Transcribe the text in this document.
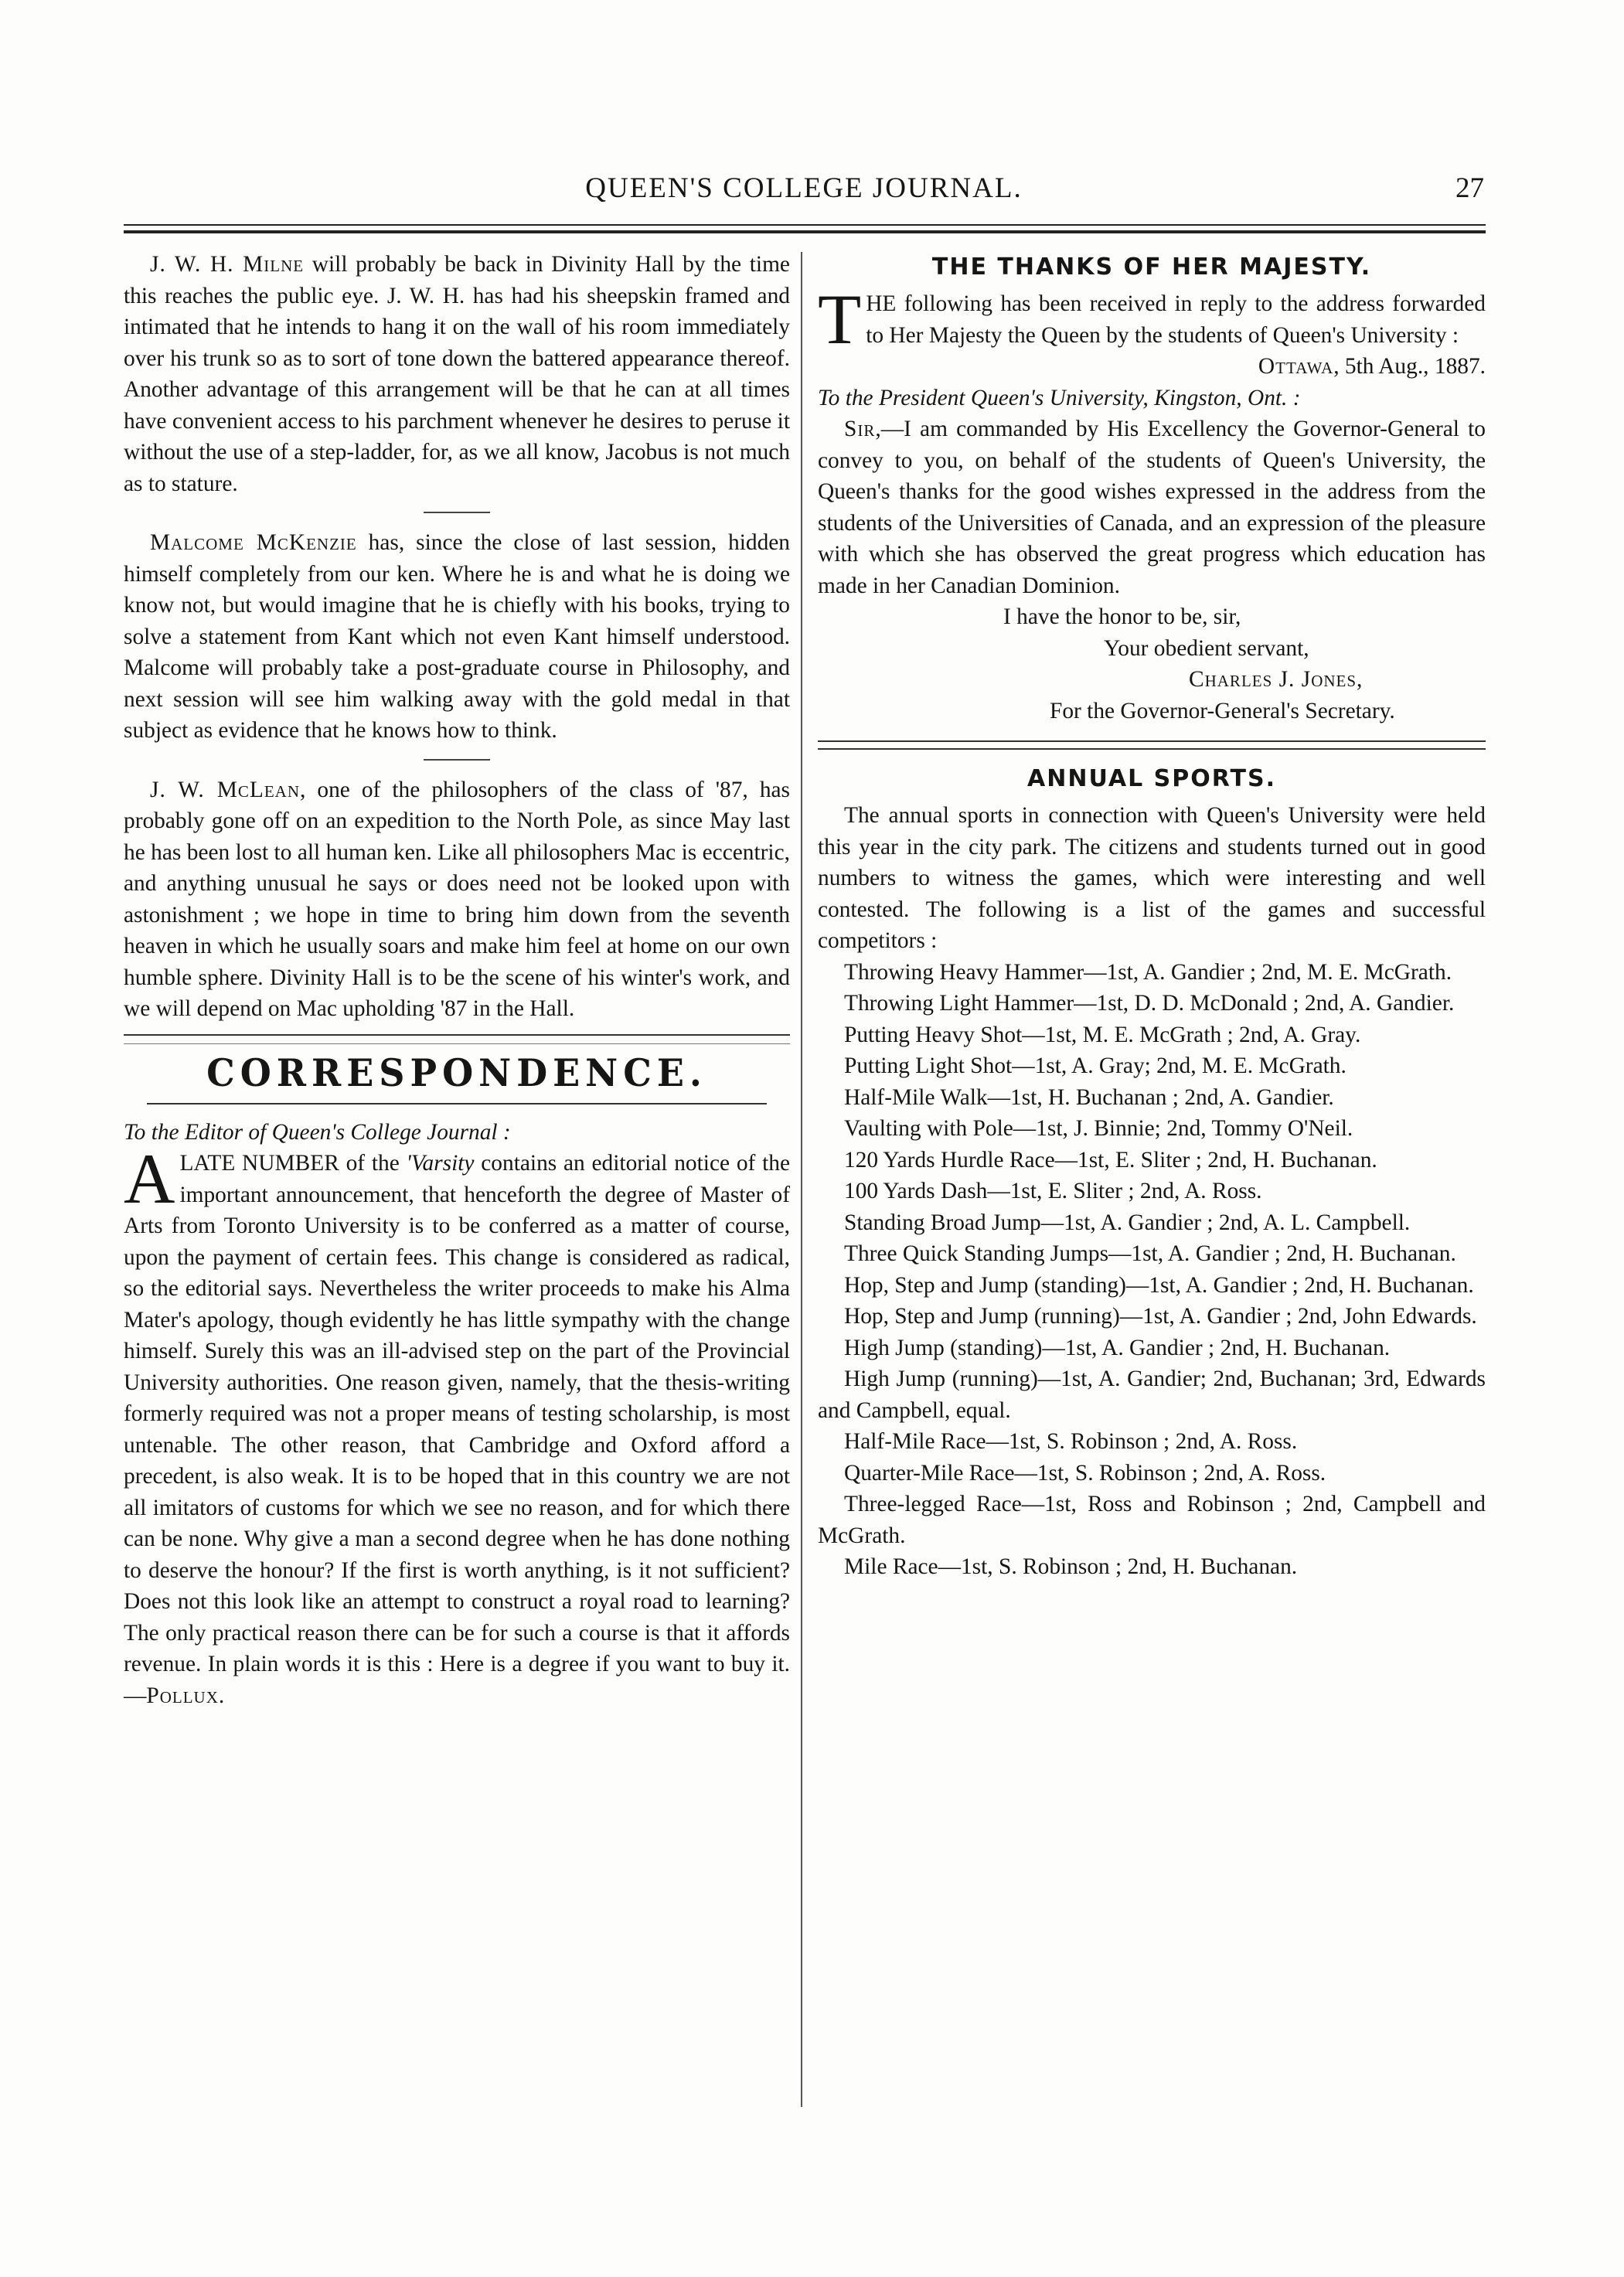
QUEEN'S COLLEGE JOURNAL.	27

J. W. H. Milne will probably be back in Divinity Hall by the time this reaches the public eye. J. W. H. has had his sheepskin framed and intimated that he intends to hang it on the wall of his room immediately over his trunk so as to sort of tone down the battered appearance thereof. Another advantage of this arrangement will be that he can at all times have convenient access to his parchment whenever he desires to peruse it without the use of a step-ladder, for, as we all know, Jacobus is not much as to stature.

Malcome McKenzie has, since the close of last session, hidden himself completely from our ken. Where he is and what he is doing we know not, but would imagine that he is chiefly with his books, trying to solve a statement from Kant which not even Kant himself understood. Malcome will probably take a post-graduate course in Philosophy, and next session will see him walking away with the gold medal in that subject as evidence that he knows how to think.

J. W. McLean, one of the philosophers of the class of '87, has probably gone off on an expedition to the North Pole, as since May last he has been lost to all human ken. Like all philosophers Mac is eccentric, and anything unusual he says or does need not be looked upon with astonishment ; we hope in time to bring him down from the seventh heaven in which he usually soars and make him feel at home on our own humble sphere. Divinity Hall is to be the scene of his winter's work, and we will depend on Mac upholding '87 in the Hall.

CORRESPONDENCE.
To the Editor of Queen's College Journal :

ALATE NUMBER of the 'Varsity contains an editorial notice of the important announcement, that henceforth the degree of Master of Arts from Toronto University is to be conferred as a matter of course, upon the payment of certain fees. This change is considered as radical, so the editorial says. Nevertheless the writer proceeds to make his Alma Mater's apology, though evidently he has little sympathy with the change himself. Surely this was an ill-advised step on the part of the Provincial University authorities. One reason given, namely, that the thesis-writing formerly required was not a proper means of testing scholarship, is most untenable. The other reason, that Cambridge and Oxford afford a precedent, is also weak. It is to be hoped that in this country we are not all imitators of customs for which we see no reason, and for which there can be none. Why give a man a second degree when he has done nothing to deserve the honour? If the first is worth anything, is it not sufficient? Does not this look like an attempt to construct a royal road to learning? The only practical reason there can be for such a course is that it affords revenue. In plain words it is this : Here is a degree if you want to buy it.—Pollux.

THE THANKS OF HER MAJESTY.

THE following has been received in reply to the address forwarded to Her Majesty the Queen by the students of Queen's University :

Ottawa, 5th Aug., 1887.

To the President Queen's University, Kingston, Ont. :

Sir,—I am commanded by His Excellency the Governor-General to convey to you, on behalf of the students of Queen's University, the Queen's thanks for the good wishes expressed in the address from the students of the Universities of Canada, and an expression of the pleasure with which she has observed the great progress which education has made in her Canadian Dominion.

I have the honor to be, sir,
Your obedient servant,
Charles J. Jones,
For the Governor-General's Secretary.
ANNUAL SPORTS.

The annual sports in connection with Queen's University were held this year in the city park. The citizens and students turned out in good numbers to witness the games, which were interesting and well contested. The following is a list of the games and successful competitors :

Throwing Heavy Hammer—1st, A. Gandier ; 2nd, M. E. McGrath.

Throwing Light Hammer—1st, D. D. McDonald ; 2nd, A. Gandier.

Putting Heavy Shot—1st, M. E. McGrath ; 2nd, A. Gray.

Putting Light Shot—1st, A. Gray; 2nd, M. E. McGrath.

Half-Mile Walk—1st, H. Buchanan ; 2nd, A. Gandier.

Vaulting with Pole—1st, J. Binnie; 2nd, Tommy O'Neil.

120 Yards Hurdle Race—1st, E. Sliter ; 2nd, H. Buchanan.

100 Yards Dash—1st, E. Sliter ; 2nd, A. Ross.

Standing Broad Jump—1st, A. Gandier ; 2nd, A. L. Campbell.

Three Quick Standing Jumps—1st, A. Gandier ; 2nd, H. Buchanan.

Hop, Step and Jump (standing)—1st, A. Gandier ; 2nd, H. Buchanan.

Hop, Step and Jump (running)—1st, A. Gandier ; 2nd, John Edwards.

High Jump (standing)—1st, A. Gandier ; 2nd, H. Buchanan.

High Jump (running)—1st, A. Gandier; 2nd, Buchanan; 3rd, Edwards and Campbell, equal.

Half-Mile Race—1st, S. Robinson ; 2nd, A. Ross.

Quarter-Mile Race—1st, S. Robinson ; 2nd, A. Ross.

Three-legged Race—1st, Ross and Robinson ; 2nd, Campbell and McGrath.

Mile Race—1st, S. Robinson ; 2nd, H. Buchanan.
